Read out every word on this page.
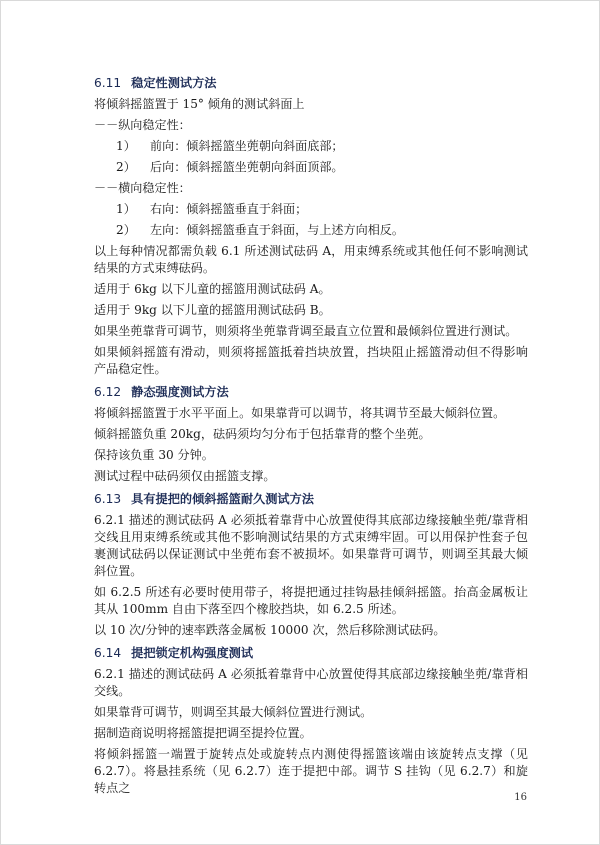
6.11 稳定性测试方法
将倾斜摇篮置于 15° 倾角的测试斜面上
－－纵向稳定性：
1） 前向：倾斜摇篮坐蔸朝向斜面底部；
2） 后向：倾斜摇篮坐蔸朝向斜面顶部。
－－横向稳定性：
1） 右向：倾斜摇篮垂直于斜面；
2） 左向：倾斜摇篮垂直于斜面，与上述方向相反。
以上每种情况都需负载 6.1 所述测试砝码 A，用束缚系统或其他任何不影响测试结果的方式束缚砝码。
适用于 6kg 以下儿童的摇篮用测试砝码 A。
适用于 9kg 以下儿童的摇篮用测试砝码 B。
如果坐蔸靠背可调节，则须将坐蔸靠背调至最直立位置和最倾斜位置进行测试。
如果倾斜摇篮有滑动，则须将摇篮抵着挡块放置，挡块阻止摇篮滑动但不得影响产品稳定性。
6.12 静态强度测试方法
将倾斜摇篮置于水平平面上。如果靠背可以调节，将其调节至最大倾斜位置。
倾斜摇篮负重 20kg，砝码须均匀分布于包括靠背的整个坐蔸。
保持该负重 30 分钟。
测试过程中砝码须仅由摇篮支撑。
6.13 具有提把的倾斜摇篮耐久测试方法
6.2.1 描述的测试砝码 A 必须抵着靠背中心放置使得其底部边缘接触坐蔸/靠背相交线且用束缚系统或其他不影响测试结果的方式束缚牢固。可以用保护性套子包裹测试砝码以保证测试中坐蔸布套不被损坏。如果靠背可调节，则调至其最大倾斜位置。
如 6.2.5 所述有必要时使用带子，将提把通过挂钩悬挂倾斜摇篮。抬高金属板让其从 100mm 自由下落至四个橡胶挡块，如 6.2.5 所述。
以 10 次/分钟的速率跌落金属板 10000 次，然后移除测试砝码。
6.14 提把锁定机构强度测试
6.2.1 描述的测试砝码 A 必须抵着靠背中心放置使得其底部边缘接触坐蔸/靠背相交线。
如果靠背可调节，则调至其最大倾斜位置进行测试。
据制造商说明将摇篮提把调至提拎位置。
将倾斜摇篮一端置于旋转点处或旋转点内测使得摇篮该端由该旋转点支撑（见 6.2.7）。将悬挂系统（见 6.2.7）连于提把中部。调节 S 挂钩（见 6.2.7）和旋转点之
16
